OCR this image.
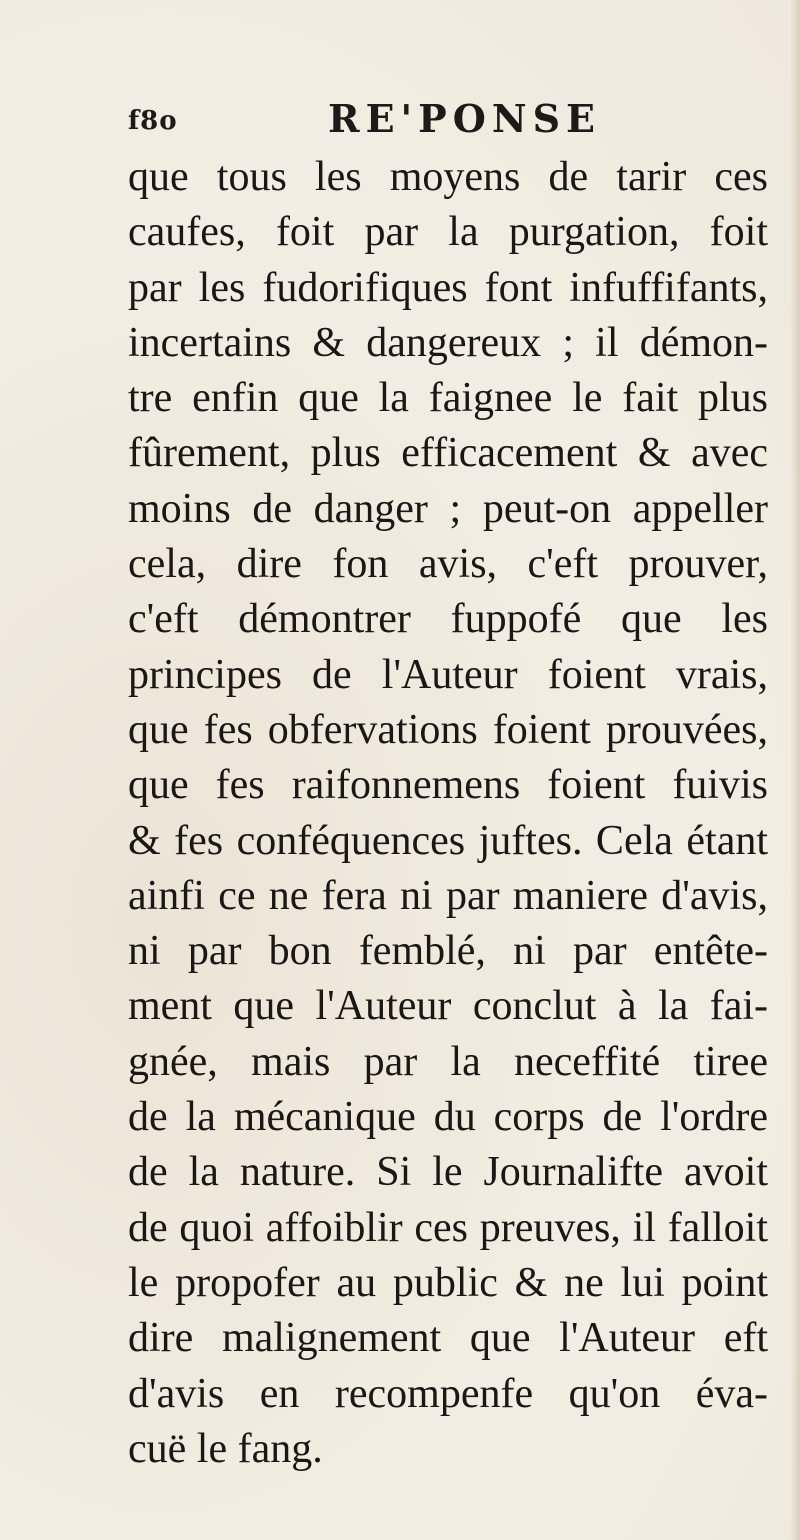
f8o	RE'PONSE
que tous les moyens de tarir ces
caufes, foit par la purgation, foit
par les fudorifiques font infuffifants,
incertains & dangereux ; il démon-
tre enfin que la faignee le fait plus
fûrement, plus efficacement & avec
moins de danger ; peut-on appeller
cela, dire fon avis, c'eft prouver,
c'eft démontrer fuppofé que les
principes de l'Auteur foient vrais,
que fes obfervations foient prouvées,
que fes raifonnemens foient fuivis
& fes conféquences juftes. Cela étant
ainfi ce ne fera ni par maniere d'avis,
ni par bon femblé, ni par entête-
ment que l'Auteur conclut à la fai-
gnée, mais par la neceffité tiree
de la mécanique du corps de l'ordre
de la nature. Si le Journalifte avoit
de quoi affoiblir ces preuves, il falloit
le propofer au public & ne lui point
dire malignement que l'Auteur eft
d'avis en recompenfe qu'on éva-
cuë le fang.
